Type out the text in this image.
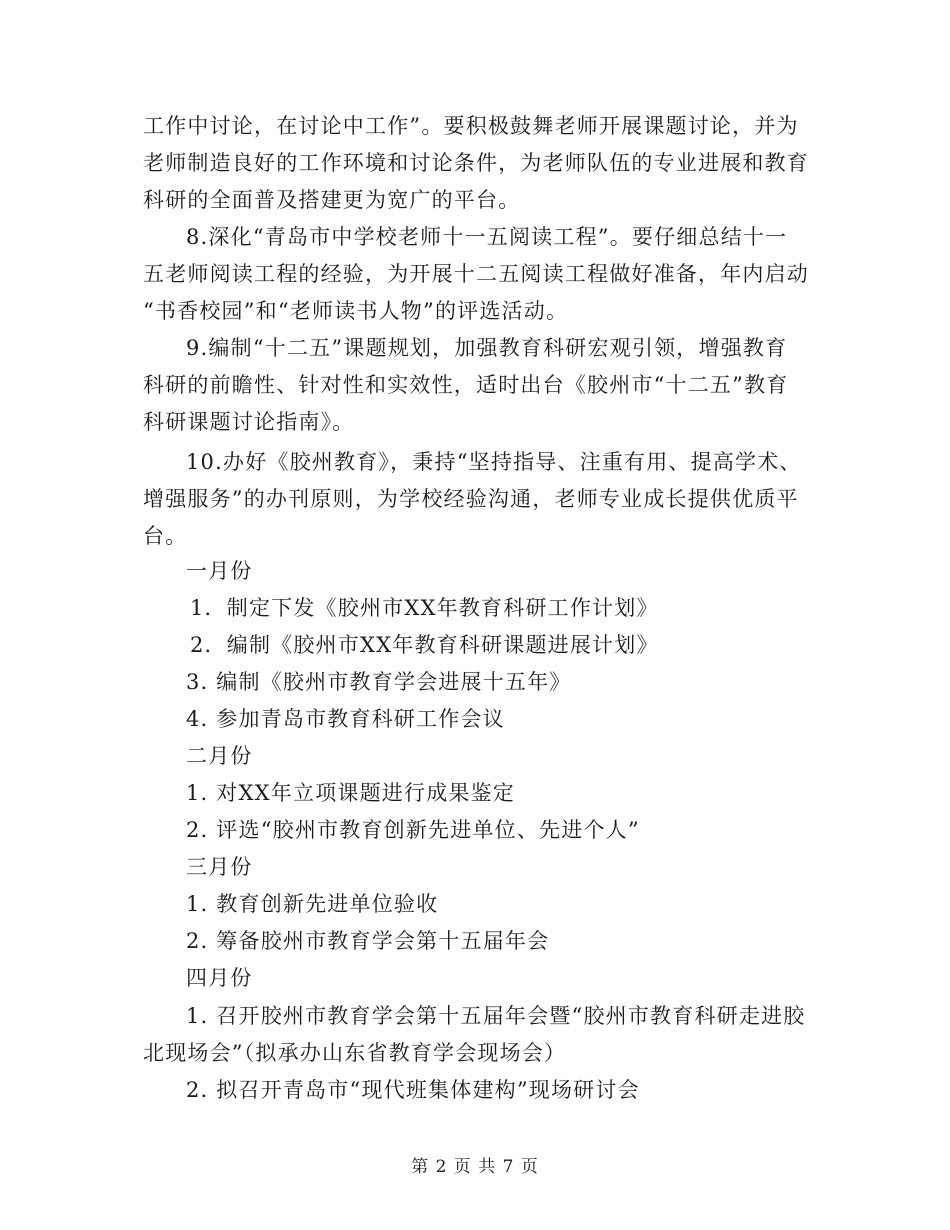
工作中讨论，在讨论中工作”。要积极鼓舞老师开展课题讨论，并为
老师制造良好的工作环境和讨论条件，为老师队伍的专业进展和教育
科研的全面普及搭建更为宽广的平台。
8.深化“青岛市中学校老师十一五阅读工程”。要仔细总结十一
五老师阅读工程的经验，为开展十二五阅读工程做好准备，年内启动
“书香校园”和“老师读书人物”的评选活动。
9.编制“十二五”课题规划，加强教育科研宏观引领，增强教育
科研的前瞻性、针对性和实效性，适时出台《胶州市“十二五”教育
科研课题讨论指南》。
10.办好《胶州教育》，秉持“坚持指导、注重有用、提高学术、
增强服务”的办刊原则，为学校经验沟通，老师专业成长提供优质平
台。
一月份
1．制定下发《胶州市XX年教育科研工作计划》
2．编制《胶州市XX年教育科研课题进展计划》
3. 编制《胶州市教育学会进展十五年》
4. 参加青岛市教育科研工作会议
二月份
1. 对XX年立项课题进行成果鉴定
2. 评选“胶州市教育创新先进单位、先进个人”
三月份
1. 教育创新先进单位验收
2. 筹备胶州市教育学会第十五届年会
四月份
1. 召开胶州市教育学会第十五届年会暨“胶州市教育科研走进胶
北现场会”（拟承办山东省教育学会现场会）
2. 拟召开青岛市“现代班集体建构”现场研讨会
第 2 页 共 7 页
